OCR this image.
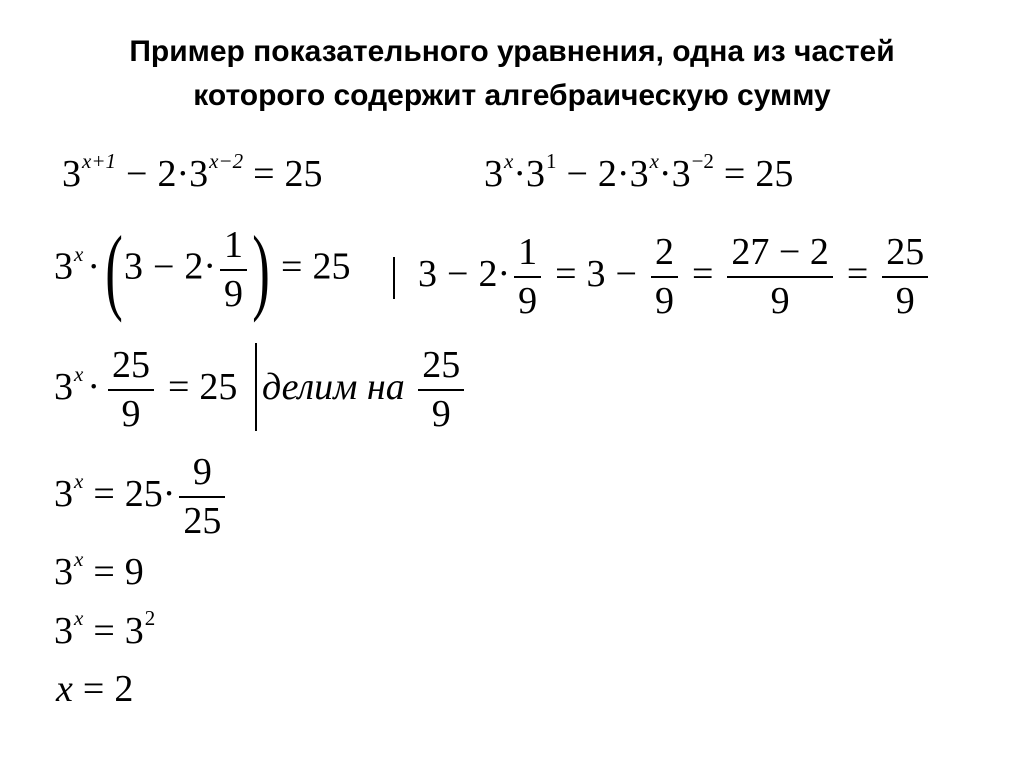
Пример показательного уравнения, одна из частей
которого содержит алгебраическую сумму
$3^{x+1} - 2\cdot 3^{x-2} = 25$	$3^x\cdot 3^1 - 2\cdot 3^x\cdot 3^{-2} = 25$
$3^x \cdot(3 - 2\cdot \frac{1}{9}$ ) = 25 $3 - 2\cdot \frac{1}{9} = 3 - \frac{2}{9} = \frac{27 - 2}{9} = \frac{25}{9}$
$3^x \cdot \frac{25}{9} = 25$ делим на $\frac{25}{9}$
$3^x = 25\cdot \frac{9}{25}$
$3^x = 9$
$3^x = 3^2$
x = 2
